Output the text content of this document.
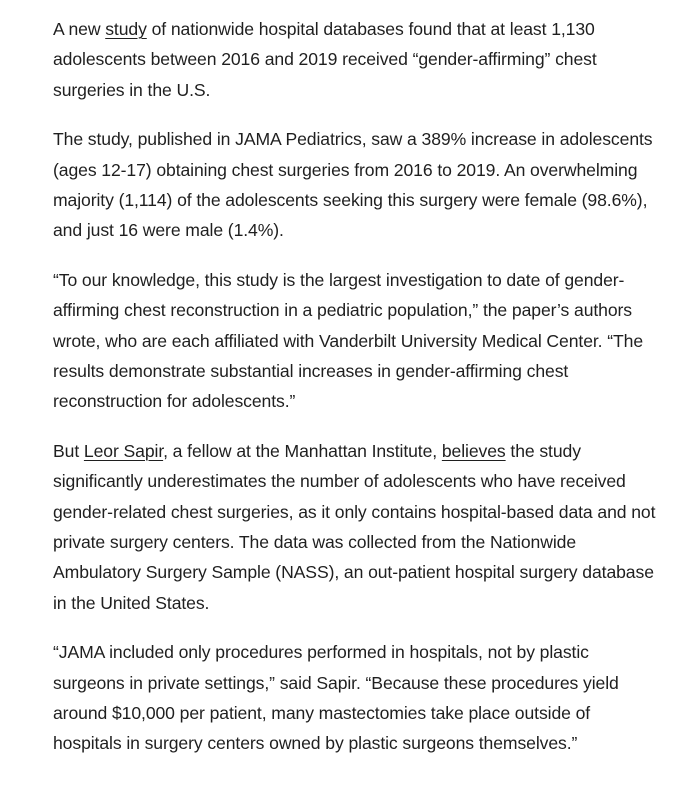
A new study of nationwide hospital databases found that at least 1,130 adolescents between 2016 and 2019 received “gender-affirming” chest surgeries in the U.S.

The study, published in JAMA Pediatrics, saw a 389% increase in adolescents (ages 12-17) obtaining chest surgeries from 2016 to 2019. An overwhelming majority (1,114) of the adolescents seeking this surgery were female (98.6%), and just 16 were male (1.4%).

“To our knowledge, this study is the largest investigation to date of gender-affirming chest reconstruction in a pediatric population,” the paper’s authors wrote, who are each affiliated with Vanderbilt University Medical Center. “The results demonstrate substantial increases in gender-affirming chest reconstruction for adolescents.”

But Leor Sapir, a fellow at the Manhattan Institute, believes the study significantly underestimates the number of adolescents who have received gender-related chest surgeries, as it only contains hospital-based data and not private surgery centers. The data was collected from the Nationwide Ambulatory Surgery Sample (NASS), an out-patient hospital surgery database in the United States.

“JAMA included only procedures performed in hospitals, not by plastic surgeons in private settings,” said Sapir. “Because these procedures yield around $10,000 per patient, many mastectomies take place outside of hospitals in surgery centers owned by plastic surgeons themselves.”
